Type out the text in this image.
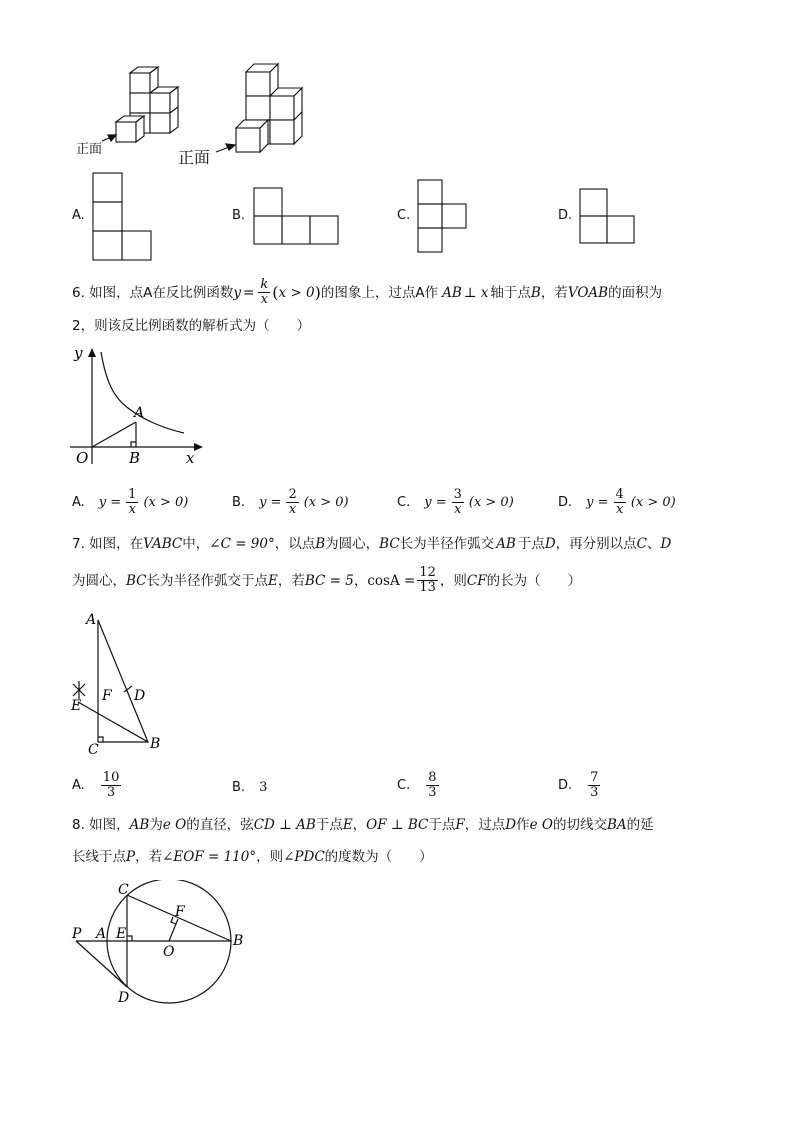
正面	正面
A.	B.	C.	D.
6. 如图，点A在反比例函数 $y = \frac{k}{x}$ ( x > 0 ) 的图象上，过点A作 AB ⊥ x 轴于点 B ，若 VOAB 的面积为
2，则该反比例函数的解析式为（　　）
y
A
O	B	x
A. $y = \frac{1}{x} (x > 0)$	B. $y = \frac{2}{x} (x > 0)$	C. $y = \frac{3}{x} (x > 0)$	D. $y = \frac{4}{x} (x > 0)$
7. 如图，在 VABC 中， ∠C = 90° ，以点 B 为圆心， BC 长为半径作弧交 AB 于点 D ，再分别以点 C 、 D
为圆心， BC 长为半径作弧交于点 E ，若 BC = 5 ， $\cos A = \frac{12}{13}$ ，则 CF 的长为（　　）
A
F D
E
C	B
A. $\frac{10}{3}$	B. 3	C. $\frac{8}{3}$	D. $\frac{7}{3}$
8. 如图， AB 为 e O 的直径，弦 CD ⊥ AB 于点 E ， OF ⊥ BC 于点 F ，过点 D 作 e O 的切线交 BA 的延
长线于点 P ，若 ∠EOF = 110° ，则 ∠PDC 的度数为（　　）
C
F
P A E
O
B
D
